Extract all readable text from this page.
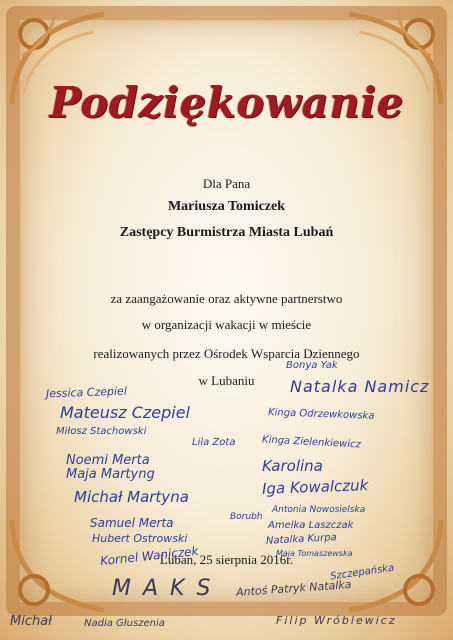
Podziękowanie
Dla Pana
Mariusza Tomiczek
Zastępcy Burmistrza Miasta Lubań
za zaangażowanie oraz aktywne partnerstwo
w organizacji wakacji w mieście
realizowanych przez Ośrodek Wsparcia Dziennego
w Lubaniu
Luban, 25 sierpnia 2016r.
Jessica Czepiel
Bonya Yak
Natalka Namicz
Mateusz Czepiel	Kinga Odrzewkowska
Miłosz Stachowski
Lila Zota	Kinga Zielenkiewicz
Noemi Merta
Maja Martyng	Karolina
Iga Kowalczuk
Michał Martyna
Borubh
Antonia Nowosielska
Samuel Merta	Amelka Laszczak
Hubert Ostrowski	Natalka Kurpa
Maja Tomaszewska
Kornel Waniczek
Szczepańska
MAKS Antoś Patryk Natalka
Michał	Nadia Głuszenia	Filip Wróblewicz
